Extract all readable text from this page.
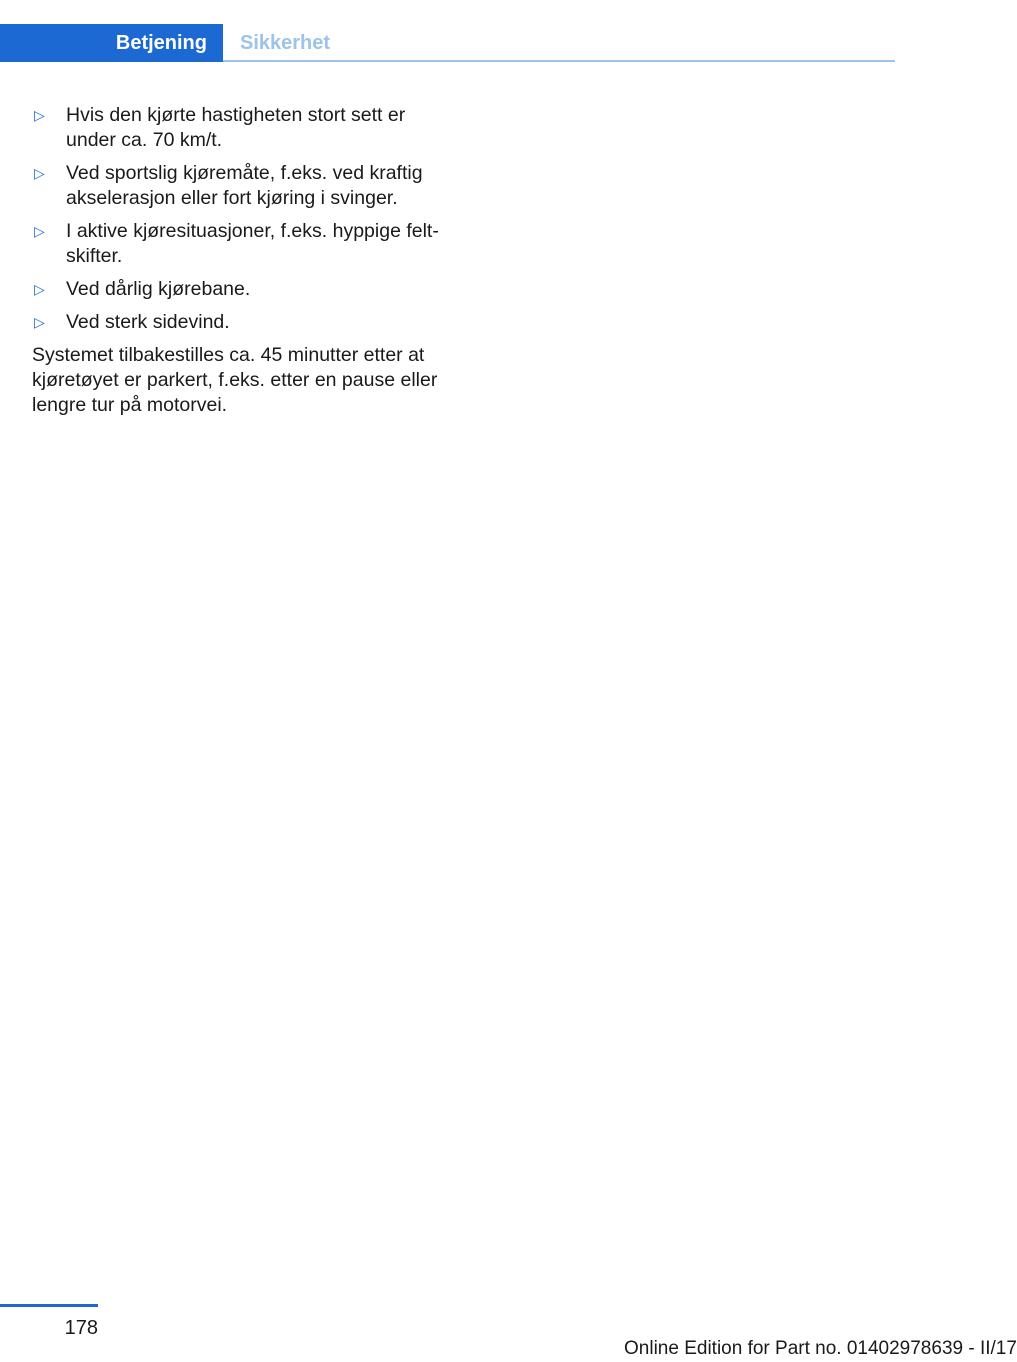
Betjening	Sikkerhet
▷ Hvis den kjørte hastigheten stort sett er under ca. 70 km/t.
▷ Ved sportslig kjøremåte, f.eks. ved kraftig akselerasjon eller fort kjøring i svinger.
▷ I aktive kjøresituasjoner, f.eks. hyppige felt‐skifter.
▷ Ved dårlig kjørebane.
▷ Ved sterk sidevind.

Systemet tilbakestilles ca. 45 minutter etter at kjøretøyet er parkert, f.eks. etter en pause eller lengre tur på motorvei.

178
Online Edition for Part no. 01402978639 - II/17
